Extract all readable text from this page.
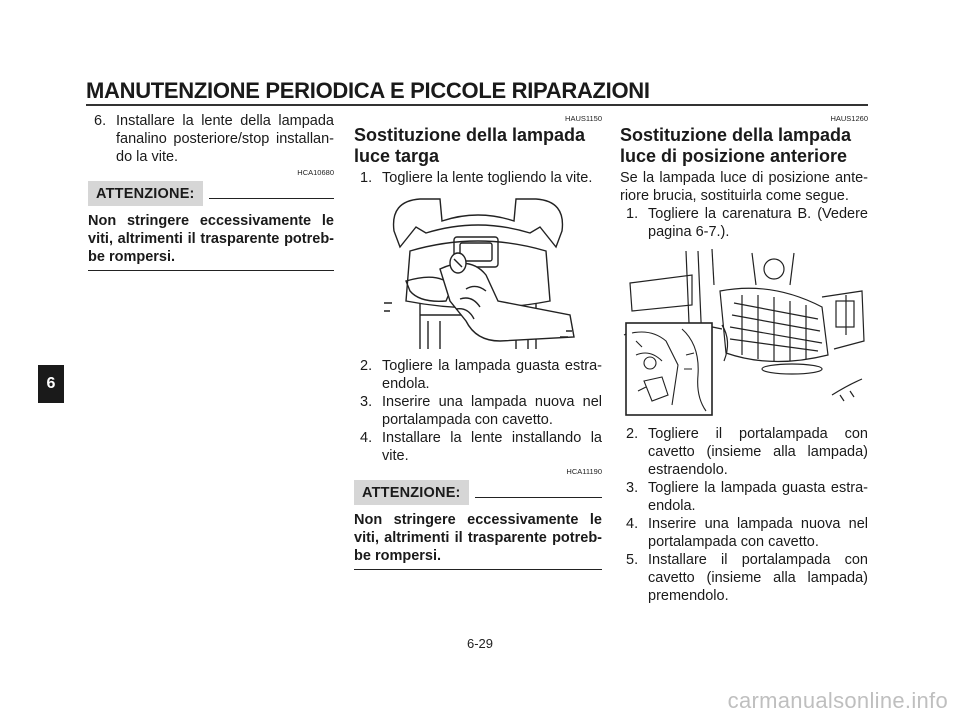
MANUTENZIONE PERIODICA E PICCOLE RIPARAZIONI
6
6. Installare la lente della lampada fanalino posteriore/stop installan-do la vite.
HCA10680
ATTENZIONE:
Non stringere eccessivamente le viti, altrimenti il trasparente potreb-be rompersi.
HAUS1150
Sostituzione della lampada luce targa
1. Togliere la lente togliendo la vite.
2. Togliere la lampada guasta estra-endola.
3. Inserire una lampada nuova nel portalampada con cavetto.
4. Installare la lente installando la vite.
HCA11190
ATTENZIONE:
Non stringere eccessivamente le viti, altrimenti il trasparente potreb-be rompersi.
HAUS1260
Sostituzione della lampada luce di posizione anteriore
Se la lampada luce di posizione ante-riore brucia, sostituirla come segue.
1. Togliere la carenatura B. (Vedere pagina 6-7.).
2. Togliere il portalampada con cavetto (insieme alla lampada) estraendolo.
3. Togliere la lampada guasta estra-endola.
4. Inserire una lampada nuova nel portalampada con cavetto.
5. Installare il portalampada con cavetto (insieme alla lampada) premendolo.
6-29
carmanualsonline.info
